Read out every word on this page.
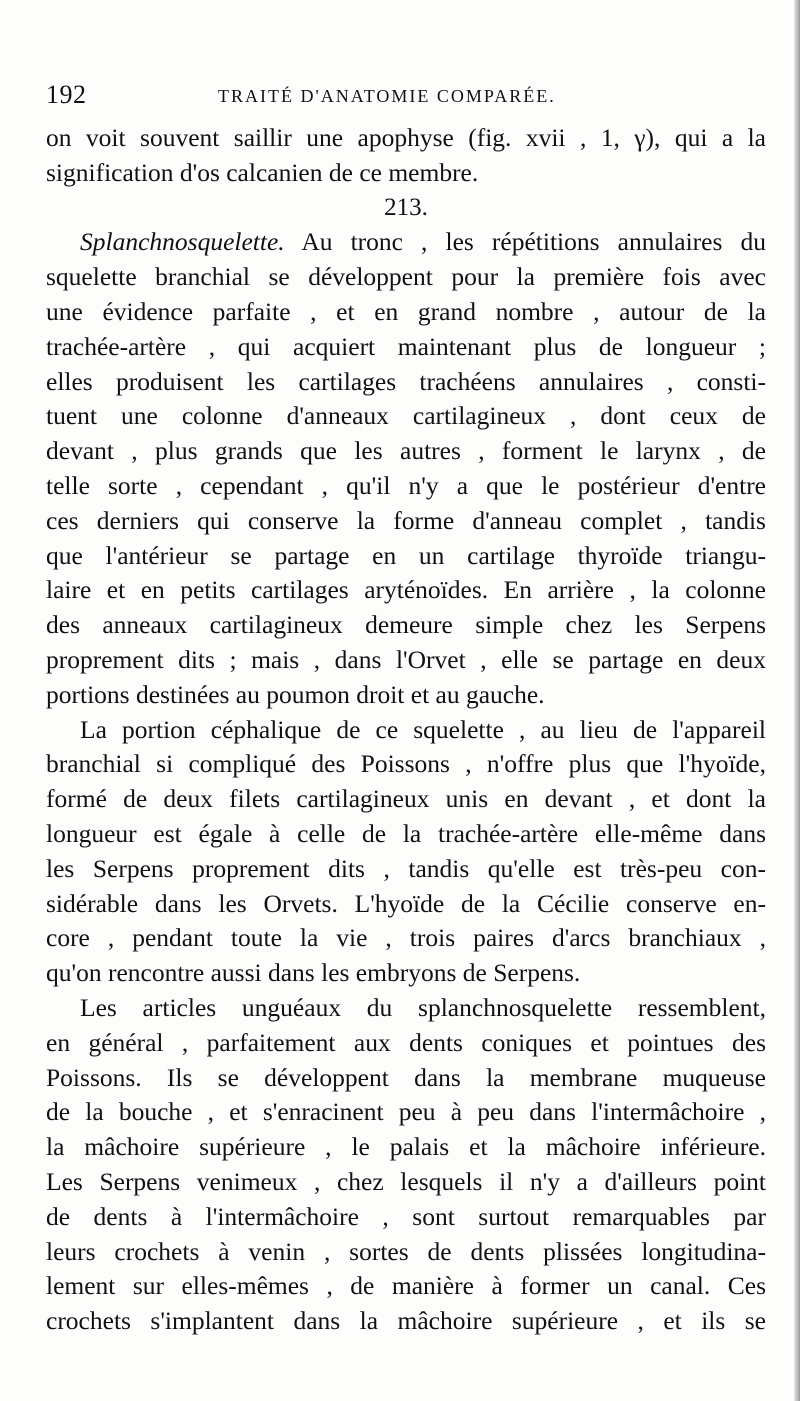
192	TRAITÉ D'ANATOMIE COMPARÉE.
on voit souvent saillir une apophyse (fig. xvii , 1, γ), qui a la
signification d'os calcanien de ce membre.
213.
Splanchnosquelette. Au tronc , les répétitions annulaires du
squelette branchial se développent pour la première fois avec
une évidence parfaite , et en grand nombre , autour de la
trachée-artère , qui acquiert maintenant plus de longueur ;
elles produisent les cartilages trachéens annulaires , consti-
tuent une colonne d'anneaux cartilagineux , dont ceux de
devant , plus grands que les autres , forment le larynx , de
telle sorte , cependant , qu'il n'y a que le postérieur d'entre
ces derniers qui conserve la forme d'anneau complet , tandis
que l'antérieur se partage en un cartilage thyroïde triangu-
laire et en petits cartilages aryténoïdes. En arrière , la colonne
des anneaux cartilagineux demeure simple chez les Serpens
proprement dits ; mais , dans l'Orvet , elle se partage en deux
portions destinées au poumon droit et au gauche.
La portion céphalique de ce squelette , au lieu de l'appareil
branchial si compliqué des Poissons , n'offre plus que l'hyoïde,
formé de deux filets cartilagineux unis en devant , et dont la
longueur est égale à celle de la trachée-artère elle-même dans
les Serpens proprement dits , tandis qu'elle est très-peu con-
sidérable dans les Orvets. L'hyoïde de la Cécilie conserve en-
core , pendant toute la vie , trois paires d'arcs branchiaux ,
qu'on rencontre aussi dans les embryons de Serpens.
Les articles unguéaux du splanchnosquelette ressemblent,
en général , parfaitement aux dents coniques et pointues des
Poissons. Ils se développent dans la membrane muqueuse
de la bouche , et s'enracinent peu à peu dans l'intermâchoire ,
la mâchoire supérieure , le palais et la mâchoire inférieure.
Les Serpens venimeux , chez lesquels il n'y a d'ailleurs point
de dents à l'intermâchoire , sont surtout remarquables par
leurs crochets à venin , sortes de dents plissées longitudina-
lement sur elles-mêmes , de manière à former un canal. Ces
crochets s'implantent dans la mâchoire supérieure , et ils se
